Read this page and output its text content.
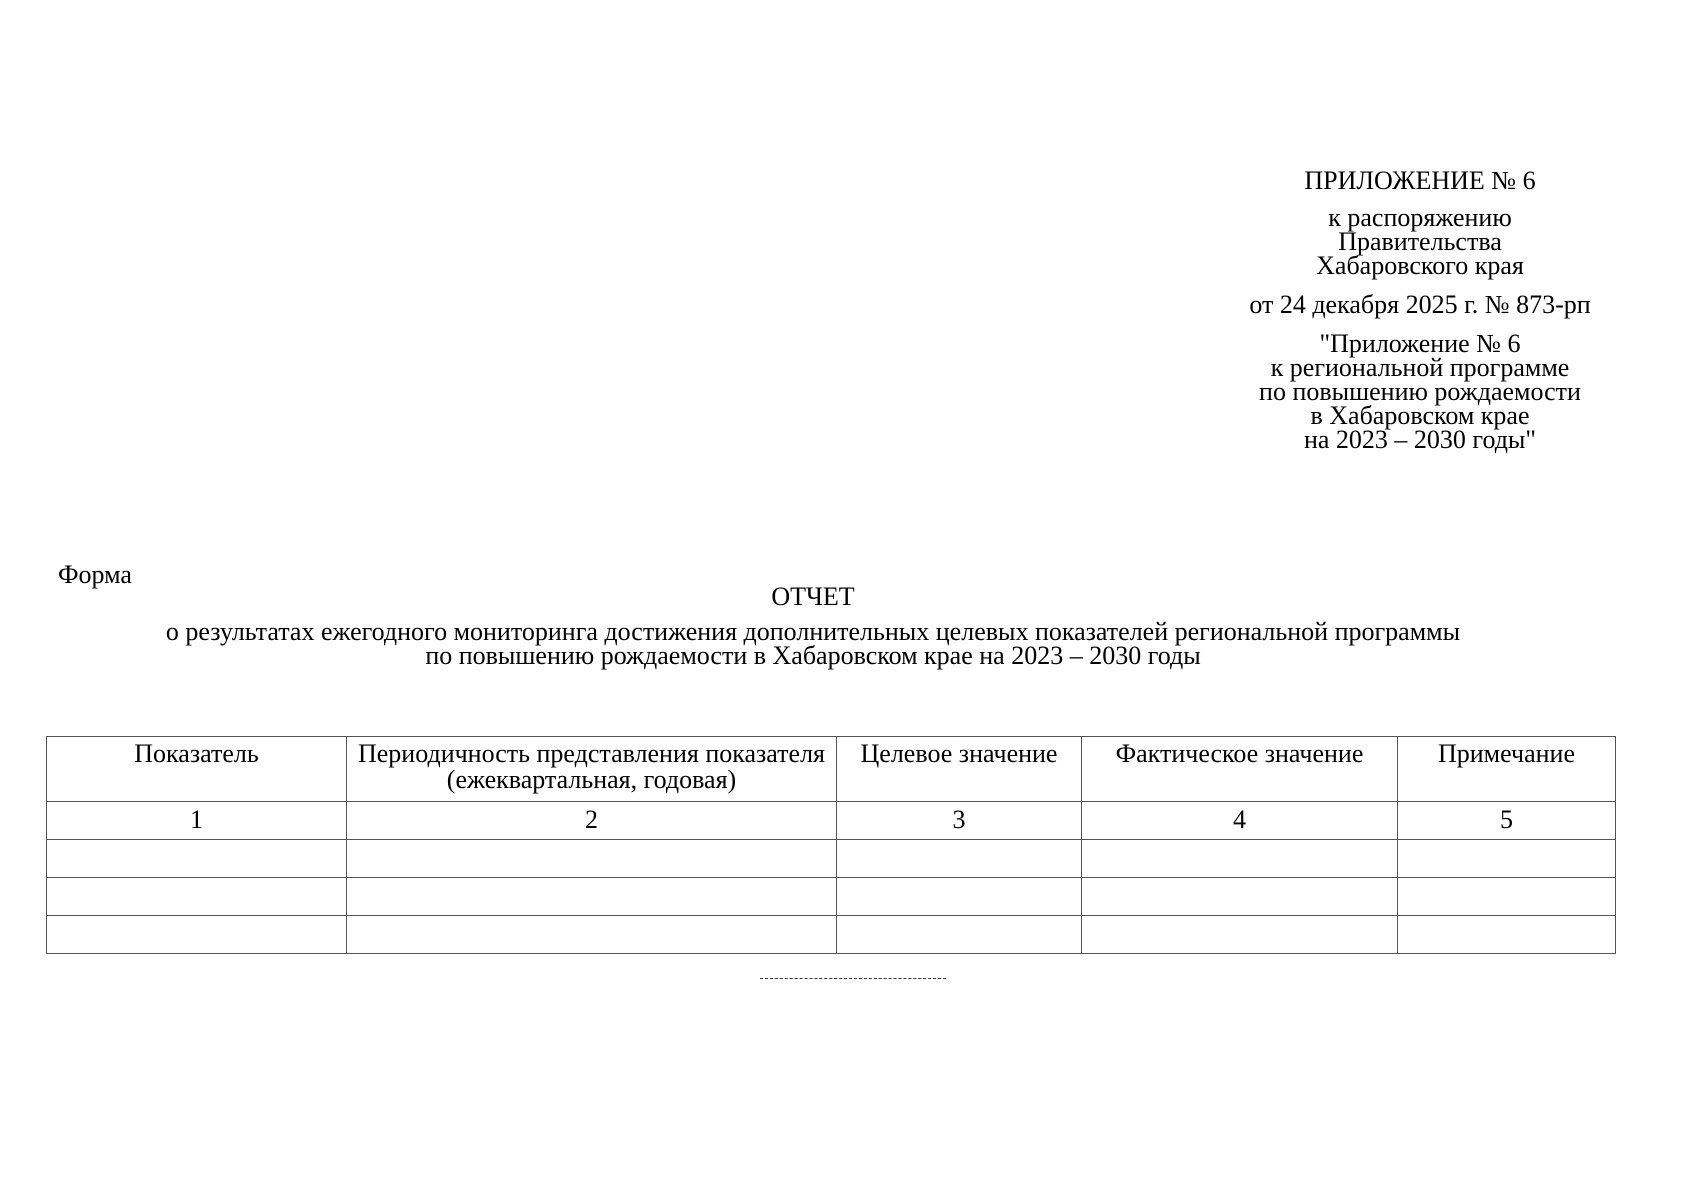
ПРИЛОЖЕНИЕ № 6
к распоряжению
Правительства
Хабаровского края
от 24 декабря 2025 г. № 873-рп
"Приложение № 6
к региональной программе
по повышению рождаемости
в Хабаровском крае
на 2023 – 2030 годы"
Форма
ОТЧЕТ
о результатах ежегодного мониторинга достижения дополнительных целевых показателей региональной программы
по повышению рождаемости в Хабаровском крае на 2023 – 2030 годы
Показатель	Периодичность представления показателя (ежеквартальная, годовая)	Целевое значение	Фактическое значение	Примечание
1	2	3	4	5
